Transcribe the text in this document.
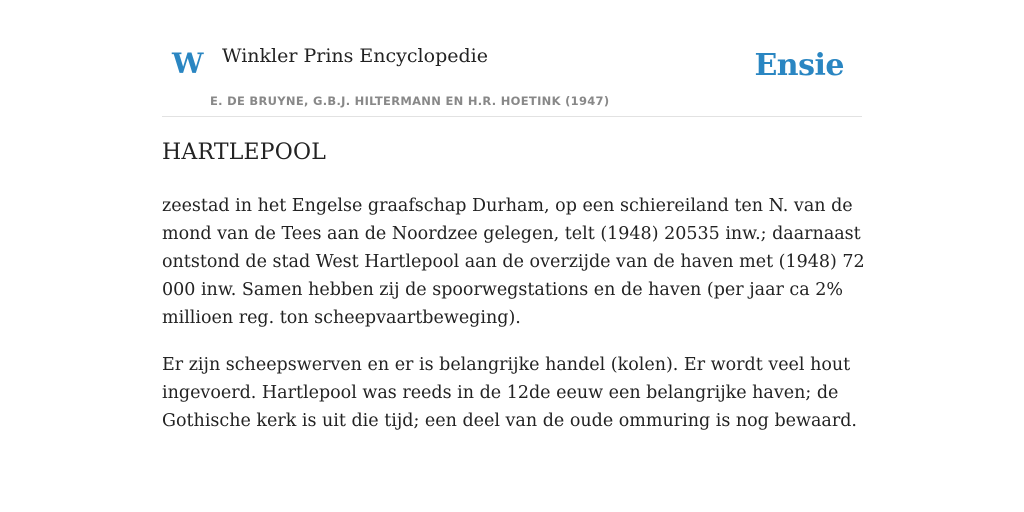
W Winkler Prins Encyclopedie
E. DE BRUYNE, G.B.J. HILTERMANN EN H.R. HOETINK (1947)
Ensie
HARTLEPOOL

zeestad in het Engelse graafschap Durham, op een schiereiland ten N. van de mond van de Tees aan de Noordzee gelegen, telt (1948) 20535 inw.; daarnaast ontstond de stad West Hartlepool aan de overzijde van de haven met (1948) 72 000 inw. Samen hebben zij de spoorwegstations en de haven (per jaar ca 2% millioen reg. ton scheepvaartbeweging).

Er zijn scheepswerven en er is belangrijke handel (kolen). Er wordt veel hout ingevoerd. Hartlepool was reeds in de 12de eeuw een belangrijke haven; de Gothische kerk is uit die tijd; een deel van de oude ommuring is nog bewaard.
